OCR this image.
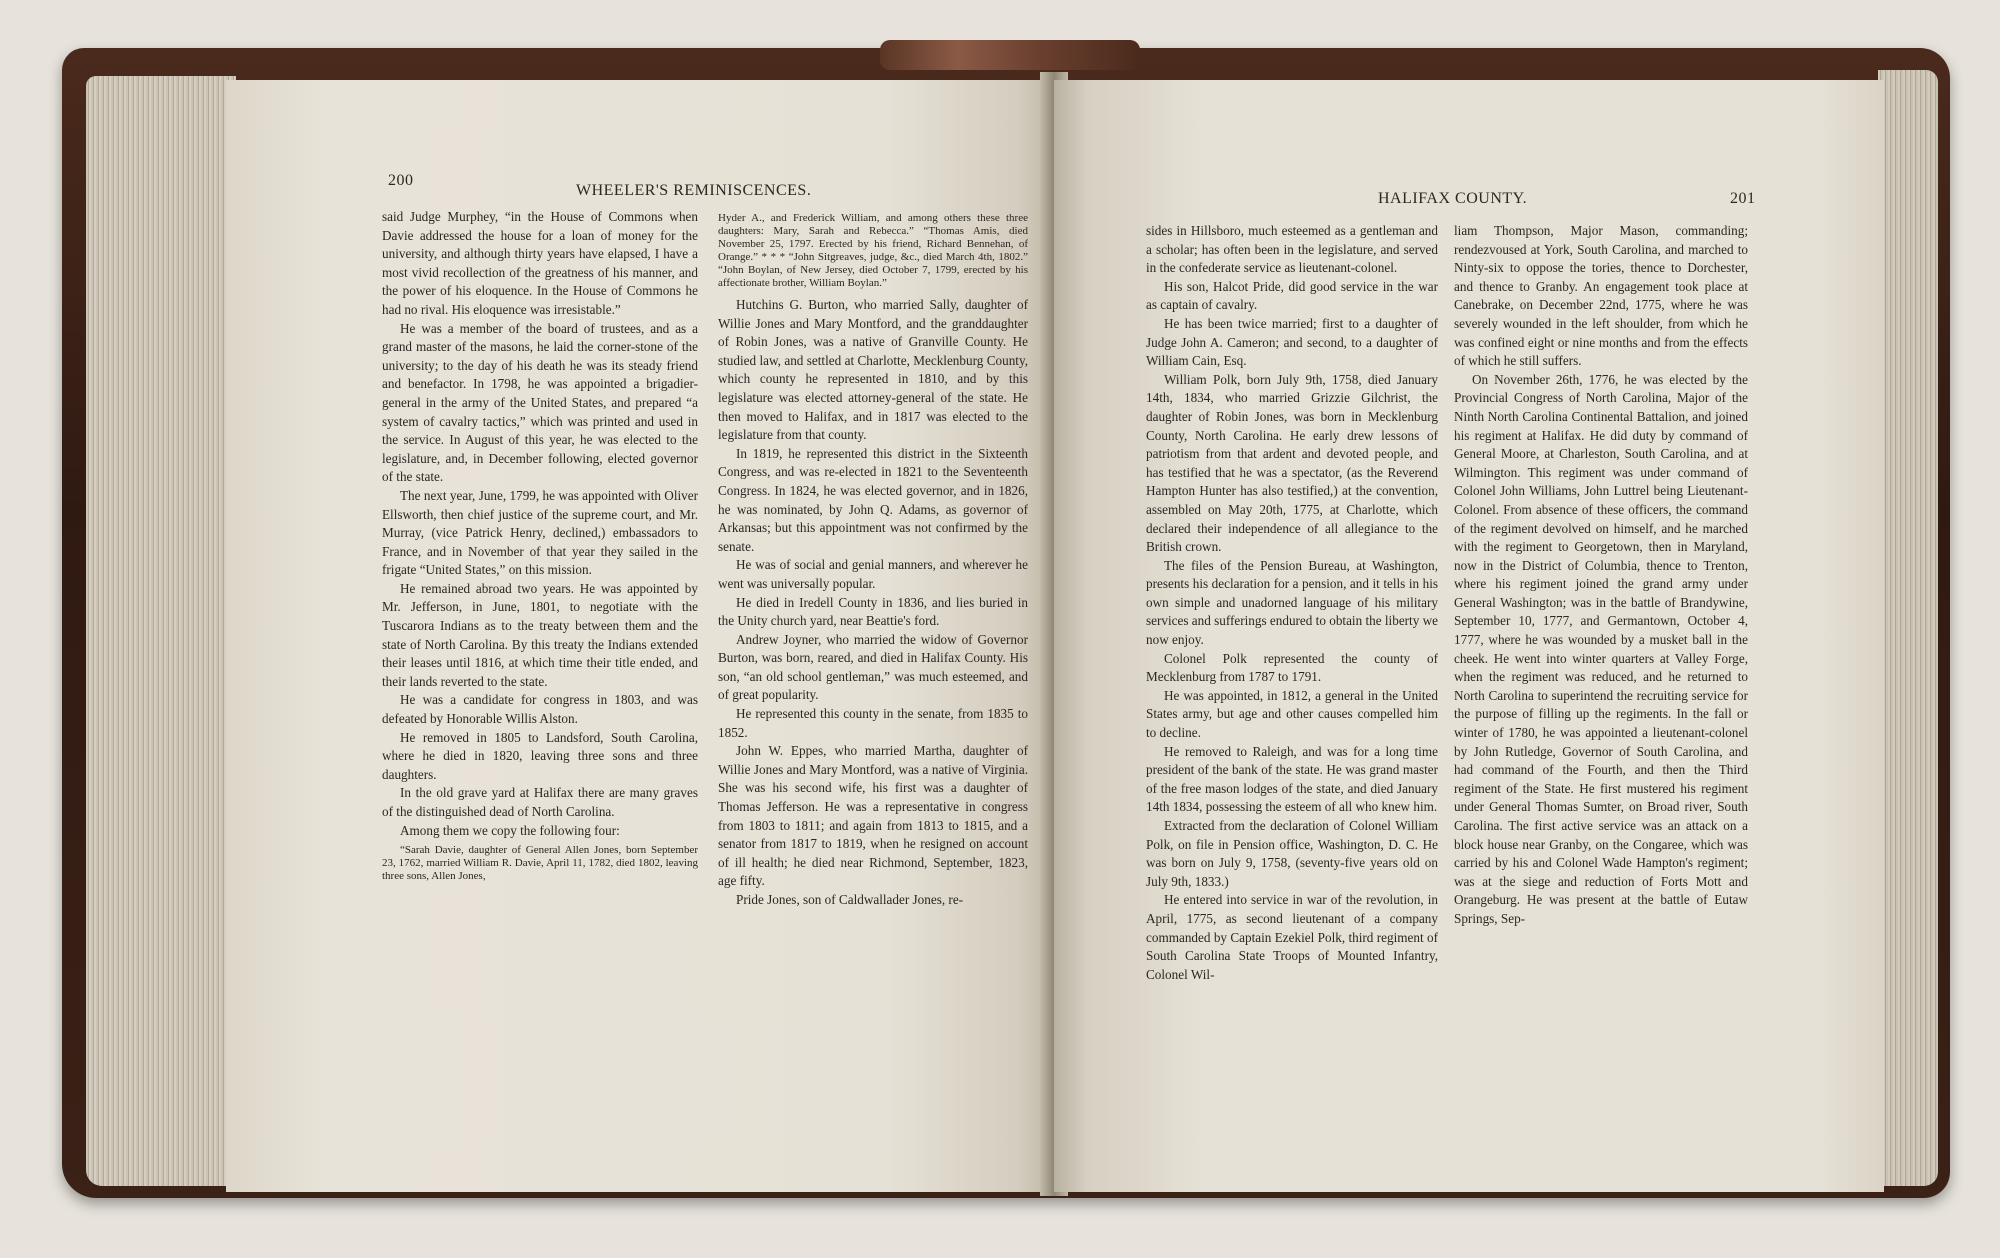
200
WHEELER'S REMINISCENCES.

said Judge Murphey, “in the House of Commons when Davie addressed the house for a loan of money for the university, and although thirty years have elapsed, I have a most vivid recollection of the greatness of his manner, and the power of his eloquence. In the House of Commons he had no rival. His eloquence was irresistable.”

He was a member of the board of trustees, and as a grand master of the masons, he laid the corner-stone of the university; to the day of his death he was its steady friend and benefactor. In 1798, he was appointed a brigadier-general in the army of the United States, and prepared “a system of cavalry tactics,” which was printed and used in the service. In August of this year, he was elected to the legislature, and, in December following, elected governor of the state.

The next year, June, 1799, he was appointed with Oliver Ellsworth, then chief justice of the supreme court, and Mr. Murray, (vice Patrick Henry, declined,) embassadors to France, and in November of that year they sailed in the frigate “United States,” on this mission.

He remained abroad two years. He was appointed by Mr. Jefferson, in June, 1801, to negotiate with the Tuscarora Indians as to the treaty between them and the state of North Carolina. By this treaty the Indians extended their leases until 1816, at which time their title ended, and their lands reverted to the state.

He was a candidate for congress in 1803, and was defeated by Honorable Willis Alston.

He removed in 1805 to Landsford, South Carolina, where he died in 1820, leaving three sons and three daughters.

In the old grave yard at Halifax there are many graves of the distinguished dead of North Carolina.

Among them we copy the following four:

“Sarah Davie, daughter of General Allen Jones, born September 23, 1762, married William R. Davie, April 11, 1782, died 1802, leaving three sons, Allen Jones,

Hyder A., and Frederick William, and among others these three daughters: Mary, Sarah and Rebecca.” “Thomas Amis, died November 25, 1797. Erected by his friend, Richard Bennehan, of Orange.” * * * “John Sitgreaves, judge, &c., died March 4th, 1802.” “John Boylan, of New Jersey, died October 7, 1799, erected by his affectionate brother, William Boylan.”

Hutchins G. Burton, who married Sally, daughter of Willie Jones and Mary Montford, and the granddaughter of Robin Jones, was a native of Granville County. He studied law, and settled at Charlotte, Mecklenburg County, which county he represented in 1810, and by this legislature was elected attorney-general of the state. He then moved to Halifax, and in 1817 was elected to the legislature from that county.

In 1819, he represented this district in the Sixteenth Congress, and was re-elected in 1821 to the Seventeenth Congress. In 1824, he was elected governor, and in 1826, he was nominated, by John Q. Adams, as governor of Arkansas; but this appointment was not confirmed by the senate.

He was of social and genial manners, and wherever he went was universally popular.

He died in Iredell County in 1836, and lies buried in the Unity church yard, near Beattie's ford.

Andrew Joyner, who married the widow of Governor Burton, was born, reared, and died in Halifax County. His son, “an old school gentleman,” was much esteemed, and of great popularity.

He represented this county in the senate, from 1835 to 1852.

John W. Eppes, who married Martha, daughter of Willie Jones and Mary Montford, was a native of Virginia. She was his second wife, his first was a daughter of Thomas Jefferson. He was a representative in congress from 1803 to 1811; and again from 1813 to 1815, and a senator from 1817 to 1819, when he resigned on account of ill health; he died near Richmond, September, 1823, age fifty.

Pride Jones, son of Caldwallader Jones, re-

HALIFAX COUNTY.	201

sides in Hillsboro, much esteemed as a gentleman and a scholar; has often been in the legislature, and served in the confederate service as lieutenant-colonel.

His son, Halcot Pride, did good service in the war as captain of cavalry.

He has been twice married; first to a daughter of Judge John A. Cameron; and second, to a daughter of William Cain, Esq.

William Polk, born July 9th, 1758, died January 14th, 1834, who married Grizzie Gilchrist, the daughter of Robin Jones, was born in Mecklenburg County, North Carolina. He early drew lessons of patriotism from that ardent and devoted people, and has testified that he was a spectator, (as the Reverend Hampton Hunter has also testified,) at the convention, assembled on May 20th, 1775, at Charlotte, which declared their independence of all allegiance to the British crown.

The files of the Pension Bureau, at Washington, presents his declaration for a pension, and it tells in his own simple and unadorned language of his military services and sufferings endured to obtain the liberty we now enjoy.

Colonel Polk represented the county of Mecklenburg from 1787 to 1791.

He was appointed, in 1812, a general in the United States army, but age and other causes compelled him to decline.

He removed to Raleigh, and was for a long time president of the bank of the state. He was grand master of the free mason lodges of the state, and died January 14th 1834, possessing the esteem of all who knew him.

Extracted from the declaration of Colonel William Polk, on file in Pension office, Washington, D. C. He was born on July 9, 1758, (seventy-five years old on July 9th, 1833.)

He entered into service in war of the revolution, in April, 1775, as second lieutenant of a company commanded by Captain Ezekiel Polk, third regiment of South Carolina State Troops of Mounted Infantry, Colonel Wil-

liam Thompson, Major Mason, commanding; rendezvoused at York, South Carolina, and marched to Ninty-six to oppose the tories, thence to Dorchester, and thence to Granby. An engagement took place at Canebrake, on December 22nd, 1775, where he was severely wounded in the left shoulder, from which he was confined eight or nine months and from the effects of which he still suffers.

On November 26th, 1776, he was elected by the Provincial Congress of North Carolina, Major of the Ninth North Carolina Continental Battalion, and joined his regiment at Halifax. He did duty by command of General Moore, at Charleston, South Carolina, and at Wilmington. This regiment was under command of Colonel John Williams, John Luttrel being Lieutenant-Colonel. From absence of these officers, the command of the regiment devolved on himself, and he marched with the regiment to Georgetown, then in Maryland, now in the District of Columbia, thence to Trenton, where his regiment joined the grand army under General Washington; was in the battle of Brandywine, September 10, 1777, and Germantown, October 4, 1777, where he was wounded by a musket ball in the cheek. He went into winter quarters at Valley Forge, when the regiment was reduced, and he returned to North Carolina to superintend the recruiting service for the purpose of filling up the regiments. In the fall or winter of 1780, he was appointed a lieutenant-colonel by John Rutledge, Governor of South Carolina, and had command of the Fourth, and then the Third regiment of the State. He first mustered his regiment under General Thomas Sumter, on Broad river, South Carolina. The first active service was an attack on a block house near Granby, on the Congaree, which was carried by his and Colonel Wade Hampton's regiment; was at the siege and reduction of Forts Mott and Orangeburg. He was present at the battle of Eutaw Springs, Sep-
